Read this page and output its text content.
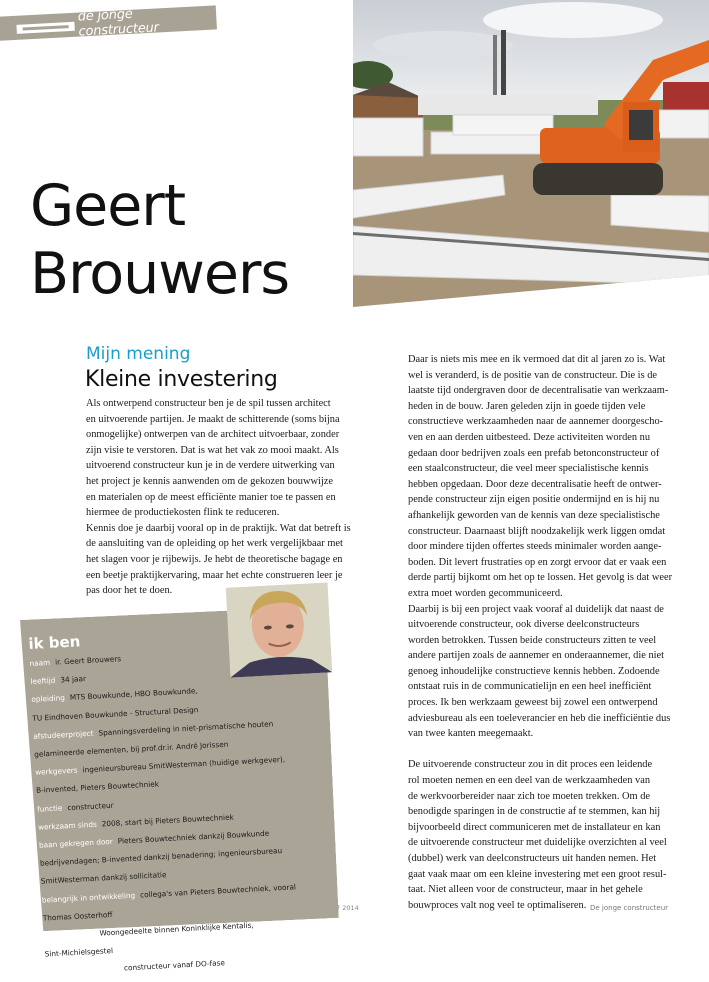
de jonge constructeur
Geert
Brouwers
Mijn mening
Kleine investering
Als ontwerpend constructeur ben je de spil tussen architect
en uitvoerende partijen. Je maakt de schitterende (soms bijna
onmogelijke) ontwerpen van de architect uitvoerbaar, zonder
zijn visie te verstoren. Dat is wat het vak zo mooi maakt. Als
uitvoerend constructeur kun je in de verdere uitwerking van
het project je kennis aanwenden om de gekozen bouwwijze
en materialen op de meest efficiënte manier toe te passen en
hiermee de productiekosten flink te reduceren.
Kennis doe je daarbij vooral op in de praktijk. Wat dat betreft is
de aansluiting van de opleiding op het werk vergelijkbaar met
het slagen voor je rijbewijs. Je hebt de theoretische bagage en
een beetje praktijkervaring, maar het echte construeren leer je
pas door het te doen.
Daar is niets mis mee en ik vermoed dat dit al jaren zo is. Wat
wel is veranderd, is de positie van de constructeur. Die is de
laatste tijd ondergraven door de decentralisatie van werkzaam-
heden in de bouw. Jaren geleden zijn in goede tijden vele
constructieve werkzaamheden naar de aannemer doorgescho-
ven en aan derden uitbesteed. Deze activiteiten worden nu
gedaan door bedrijven zoals een prefab betonconstructeur of
een staalconstructeur, die veel meer specialistische kennis
hebben opgedaan. Door deze decentralisatie heeft de ontwer-
pende constructeur zijn eigen positie ondermijnd en is hij nu
afhankelijk geworden van de kennis van deze specialistische
constructeur. Daarnaast blijft noodzakelijk werk liggen omdat
door mindere tijden offertes steeds minimaler worden aange-
boden. Dit levert frustraties op en zorgt ervoor dat er vaak een
derde partij bijkomt om het op te lossen. Het gevolg is dat weer
extra moet worden gecommuniceerd.
Daarbij is bij een project vaak vooraf al duidelijk dat naast de
uitvoerende constructeur, ook diverse deelconstructeurs
worden betrokken. Tussen beide constructeurs zitten te veel
andere partijen zoals de aannemer en onderaannemer, die niet
genoeg inhoudelijke constructieve kennis hebben. Zodoende
ontstaat ruis in de communicatielijn en een heel inefficiënt
proces. Ik ben werkzaam geweest bij zowel een ontwerpend
adviesbureau als een toeleverancier en heb die inefficiëntie dus
van twee kanten meegemaakt.
De uitvoerende constructeur zou in dit proces een leidende
rol moeten nemen en een deel van de werkzaamheden van
de werkvoorbereider naar zich toe moeten trekken. Om de
benodigde sparingen in de constructie af te stemmen, kan hij
bijvoorbeeld direct communiceren met de installateur en kan
de uitvoerende constructeur met duidelijke overzichten al veel
(dubbel) werk van deelconstructeurs uit handen nemen. Het
gaat vaak maar om een kleine investering met een groot resul-
taat. Niet alleen voor de constructeur, maar in het gehele
bouwproces valt nog veel te optimaliseren.
ik ben
naam ir. Geert Brouwers
leeftijd 34 jaar
opleiding MTS Bouwkunde, HBO Bouwkunde,
TU Eindhoven Bouwkunde - Structural Design
afstudeerproject Spanningsverdeling in niet-prismatische houten
gelamineerde elementen, bij prof.dr.ir. André Jorissen
werkgevers ingenieursbureau SmitWesterman (huidige werkgever),
B-invented, Pieters Bouwtechniek
functie constructeur
werkzaam sinds 2008, start bij Pieters Bouwtechniek
baan gekregen door Pieters Bouwtechniek dankzij Bouwkunde
bedrijvendagen; B-invented dankzij benadering; ingenieursbureau
SmitWesterman dankzij sollicitatie
belangrijk in ontwikkeling collega's van Pieters Bouwtechniek, vooral
Thomas Oosterhoff
eerste project Woongedeelte binnen Koninklijke Kentalis,
Sint-Michielsgestel
rol bij eerste project constructeur vanaf DO-fase
7 2014	De jonge constructeur
